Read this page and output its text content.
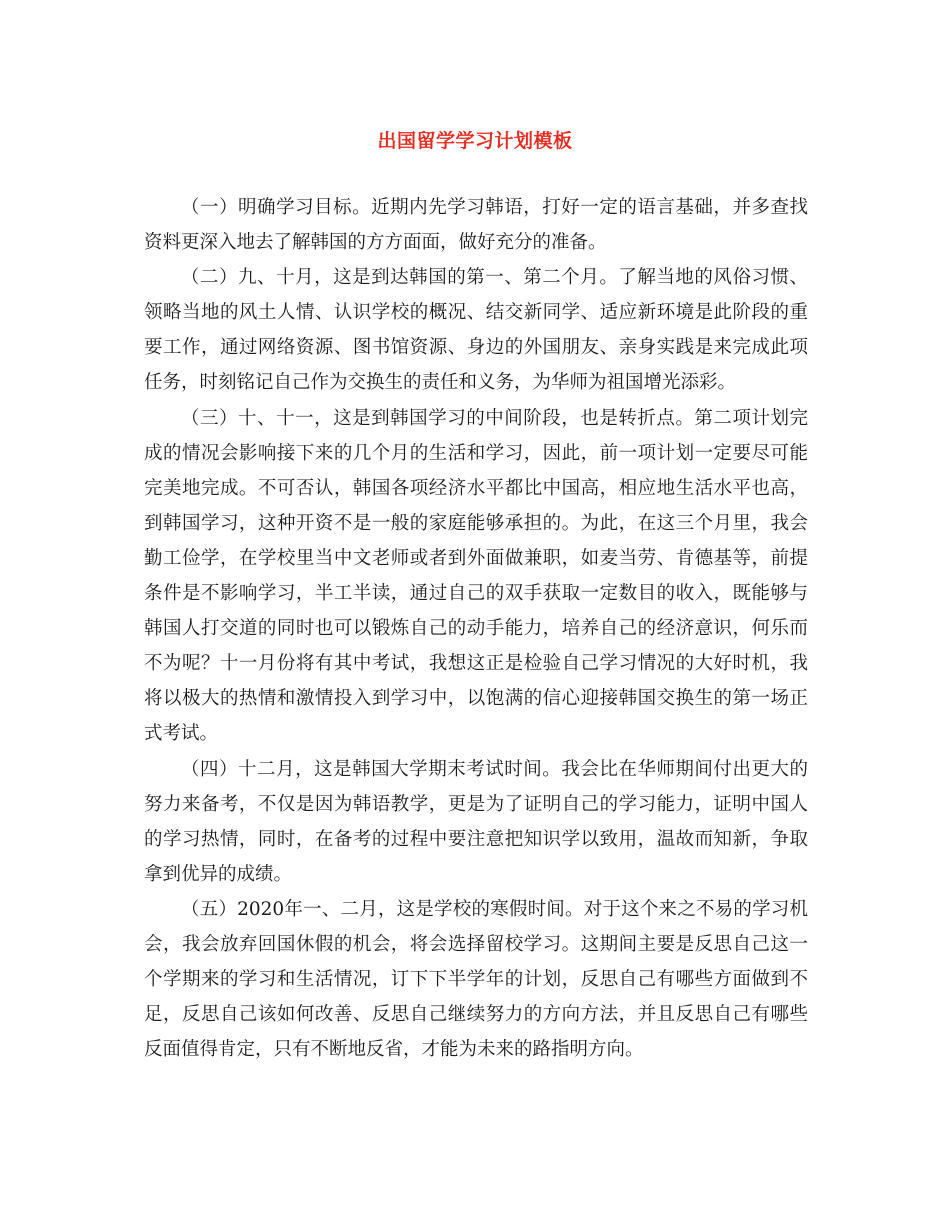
出国留学学习计划模板

（一）明确学习目标。近期内先学习韩语，打好一定的语言基础，并多查找资料更深入地去了解韩国的方方面面，做好充分的准备。

（二）九、十月，这是到达韩国的第一、第二个月。了解当地的风俗习惯、领略当地的风土人情、认识学校的概况、结交新同学、适应新环境是此阶段的重要工作，通过网络资源、图书馆资源、身边的外国朋友、亲身实践是来完成此项任务，时刻铭记自己作为交换生的责任和义务，为华师为祖国增光添彩。

（三）十、十一，这是到韩国学习的中间阶段，也是转折点。第二项计划完成的情况会影响接下来的几个月的生活和学习，因此，前一项计划一定要尽可能完美地完成。不可否认，韩国各项经济水平都比中国高，相应地生活水平也高，到韩国学习，这种开资不是一般的家庭能够承担的。为此，在这三个月里，我会勤工俭学，在学校里当中文老师或者到外面做兼职，如麦当劳、肯德基等，前提条件是不影响学习，半工半读，通过自己的双手获取一定数目的收入，既能够与韩国人打交道的同时也可以锻炼自己的动手能力，培养自己的经济意识，何乐而不为呢？十一月份将有其中考试，我想这正是检验自己学习情况的大好时机，我将以极大的热情和激情投入到学习中，以饱满的信心迎接韩国交换生的第一场正式考试。

（四）十二月，这是韩国大学期末考试时间。我会比在华师期间付出更大的努力来备考，不仅是因为韩语教学，更是为了证明自己的学习能力，证明中国人的学习热情，同时，在备考的过程中要注意把知识学以致用，温故而知新，争取拿到优异的成绩。

（五）2020年一、二月，这是学校的寒假时间。对于这个来之不易的学习机会，我会放弃回国休假的机会，将会选择留校学习。这期间主要是反思自己这一个学期来的学习和生活情况，订下下半学年的计划，反思自己有哪些方面做到不足，反思自己该如何改善、反思自己继续努力的方向方法，并且反思自己有哪些反面值得肯定，只有不断地反省，才能为未来的路指明方向。
